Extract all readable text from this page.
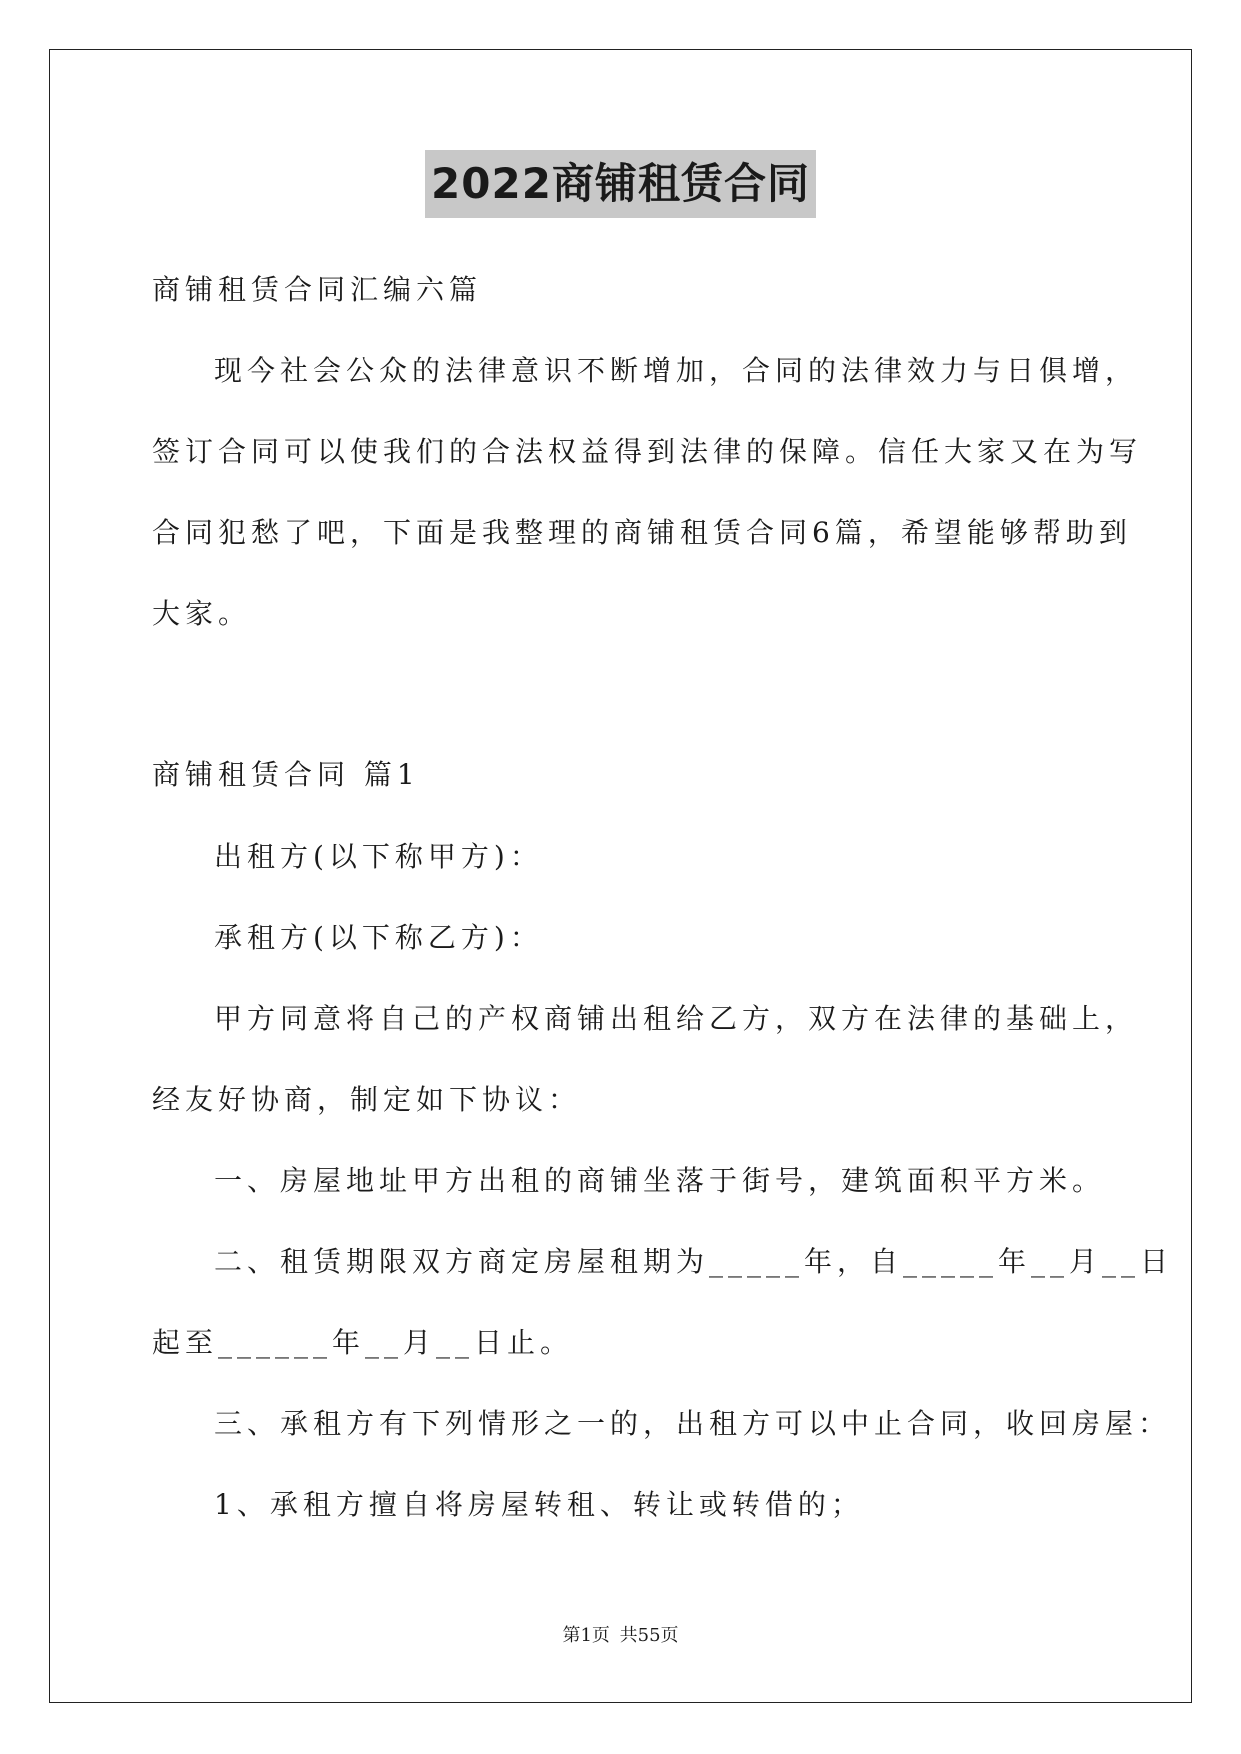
2022商铺租赁合同
商铺租赁合同汇编六篇
现今社会公众的法律意识不断增加，合同的法律效力与日俱增，
签订合同可以使我们的合法权益得到法律的保障。信任大家又在为写
合同犯愁了吧，下面是我整理的商铺租赁合同6篇，希望能够帮助到
大家。
商铺租赁合同 篇1
出租方(以下称甲方)：
承租方(以下称乙方)：
甲方同意将自己的产权商铺出租给乙方，双方在法律的基础上，
经友好协商，制定如下协议：
一、房屋地址甲方出租的商铺坐落于街号，建筑面积平方米。
二、租赁期限双方商定房屋租期为_____年，自_____年__月__日
起至______年__月__日止。
三、承租方有下列情形之一的，出租方可以中止合同，收回房屋：
1、承租方擅自将房屋转租、转让或转借的；
第1页 共55页
